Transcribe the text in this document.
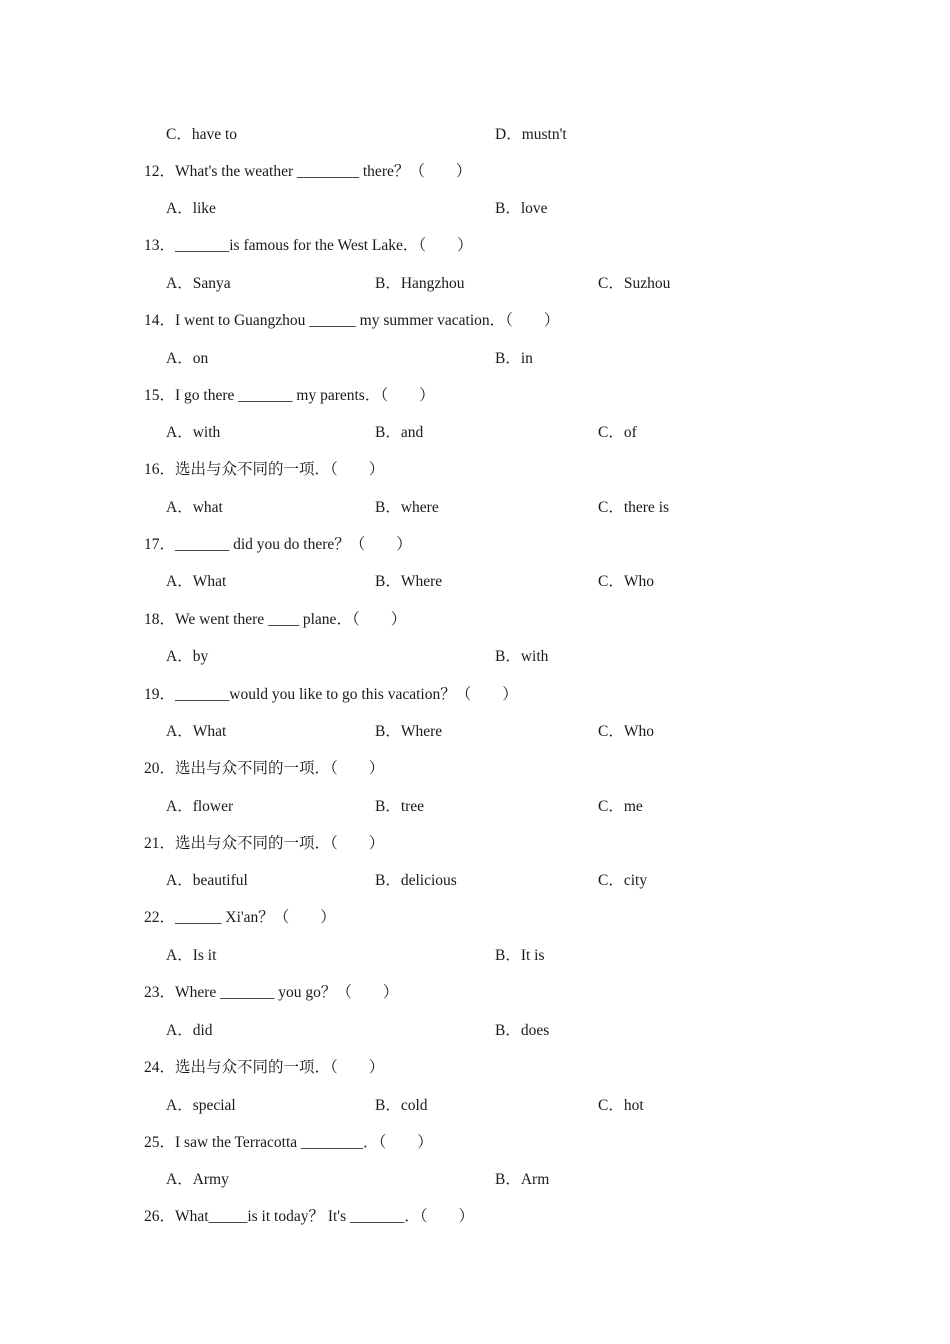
C．have to	D．mustn't
12．What's the weather ________ there？（　　）
A．like	B．love
13．_______is famous for the West Lake．（　　）
A．Sanya	B．Hangzhou	C．Suzhou
14．I went to Guangzhou ______ my summer vacation．（　　）
A．on	B．in
15．I go there _______ my parents．（　　）
A．with	B．and	C．of
16．选出与众不同的一项．（　　）
A．what	B．where	C．there is
17．_______ did you do there？（　　）
A．What	B．Where	C．Who
18．We went there ____ plane．（　　）
A．by	B．with
19．_______would you like to go this vacation？（　　）
A．What	B．Where	C．Who
20．选出与众不同的一项．（　　）
A．flower	B．tree	C．me
21．选出与众不同的一项．（　　）
A．beautiful	B．delicious	C．city
22．______ Xi'an？（　　）
A．Is it	B．It is
23．Where _______ you go？（　　）
A．did	B．does
24．选出与众不同的一项．（　　）
A．special	B．cold	C．hot
25．I saw the Terracotta ________．（　　）
A．Army	B．Arm
26．What_____is it today？ It's _______．（　　）
